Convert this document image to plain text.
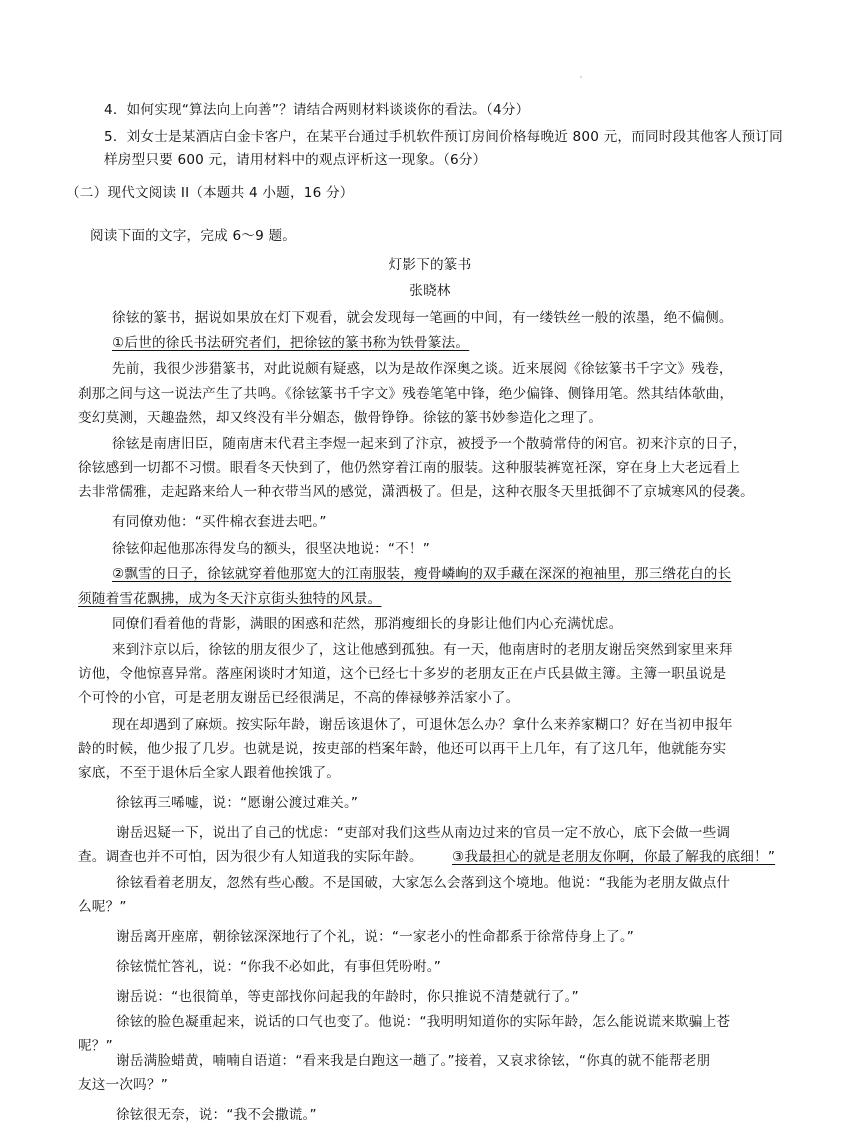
4．如何实现“算法向上向善”？请结合两则材料谈谈你的看法。（4分）
5．刘女士是某酒店白金卡客户，在某平台通过手机软件预订房间价格每晚近 800 元，而同时段其他客人预订同
样房型只要 600 元，请用材料中的观点评析这一现象。（6分）
（二）现代文阅读 II（本题共 4 小题，16 分）
阅读下面的文字，完成 6～9 题。
灯影下的篆书
张晓林
徐铉的篆书，据说如果放在灯下观看，就会发现每一笔画的中间，有一缕铁丝一般的浓墨，绝不偏侧。
①后世的徐氏书法研究者们，把徐铉的篆书称为铁骨篆法。
先前，我很少涉猎篆书，对此说颇有疑惑，以为是故作深奥之谈。近来展阅《徐铉篆书千字文》残卷，
刹那之间与这一说法产生了共鸣。《徐铉篆书千字文》残卷笔笔中锋，绝少偏锋、侧锋用笔。然其结体欹曲，
变幻莫测，天趣盎然，却又终没有半分媚态，傲骨铮铮。徐铉的篆书妙参造化之理了。
徐铉是南唐旧臣，随南唐末代君主李煜一起来到了汴京，被授予一个散骑常侍的闲官。初来汴京的日子，
徐铉感到一切都不习惯。眼看冬天快到了，他仍然穿着江南的服装。这种服装裤宽衽深，穿在身上大老远看上
去非常儒雅，走起路来给人一种衣带当风的感觉，潇洒极了。但是，这种衣服冬天里抵御不了京城寒风的侵袭。
有同僚劝他：“买件棉衣套进去吧。”
徐铉仰起他那冻得发乌的额头，很坚决地说：“不！”
②飘雪的日子，徐铉就穿着他那宽大的江南服装，瘦骨嶙峋的双手藏在深深的袍袖里，那三绺花白的长
须随着雪花飘拂，成为冬天汴京街头独特的风景。
同僚们看着他的背影，满眼的困惑和茫然，那消瘦细长的身影让他们内心充满忧虑。
来到汴京以后，徐铉的朋友很少了，这让他感到孤独。有一天，他南唐时的老朋友谢岳突然到家里来拜
访他，令他惊喜异常。落座闲谈时才知道，这个已经七十多岁的老朋友正在卢氏县做主簿。主簿一职虽说是
个可怜的小官，可是老朋友谢岳已经很满足，不高的俸禄够养活家小了。
现在却遇到了麻烦。按实际年龄，谢岳该退休了，可退休怎么办？拿什么来养家糊口？好在当初申报年
龄的时候，他少报了几岁。也就是说，按吏部的档案年龄，他还可以再干上几年，有了这几年，他就能夯实
家底，不至于退休后全家人跟着他挨饿了。
徐铉再三唏嘘，说：“愿谢公渡过难关。”
谢岳迟疑一下，说出了自己的忧虑：“吏部对我们这些从南边过来的官员一定不放心，底下会做一些调
查。调查也并不可怕，因为很少有人知道我的实际年龄。 ③我最担心的就是老朋友你啊，你最了解我的底细！”
徐铉看着老朋友，忽然有些心酸。不是国破，大家怎么会落到这个境地。他说：“我能为老朋友做点什
么呢？”
谢岳离开座席，朝徐铉深深地行了个礼，说：“一家老小的性命都系于徐常侍身上了。”
徐铉慌忙答礼，说：“你我不必如此，有事但凭吩咐。”
谢岳说：“也很简单，等吏部找你问起我的年龄时，你只推说不清楚就行了。”
徐铉的脸色凝重起来，说话的口气也变了。他说：“我明明知道你的实际年龄，怎么能说谎来欺骗上苍
呢？”
谢岳满脸蜡黄，喃喃自语道：“看来我是白跑这一趟了。”接着，又哀求徐铉，“你真的就不能帮老朋
友这一次吗？”
徐铉很无奈，说：“我不会撒谎。”
